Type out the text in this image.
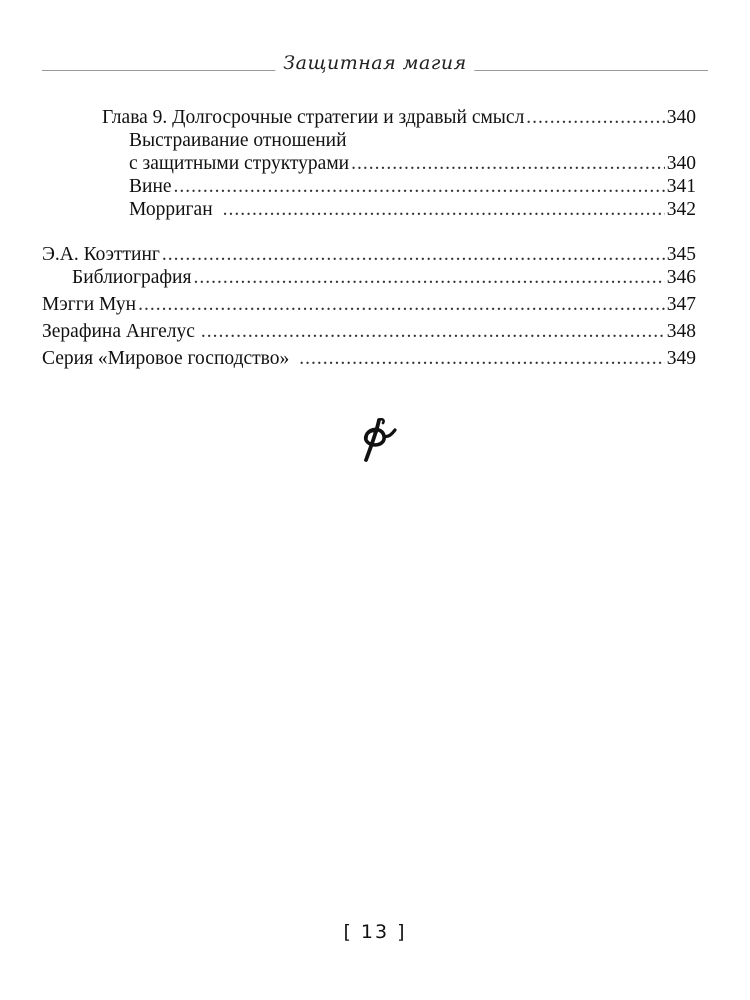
Защитная магия
Глава 9. Долгосрочные стратегии и здравый смысл .....	340
Выстраивание отношений
с защитными структурами .....	340
Вине .....	341
Морриган .....	342
Э.А. Коэттинг .....	345
Библиография .....	346
Мэгги Мун .....	347
Зерафина Ангелус .....	348
Серия «Мировое господство» .....	349
[ 13 ]
